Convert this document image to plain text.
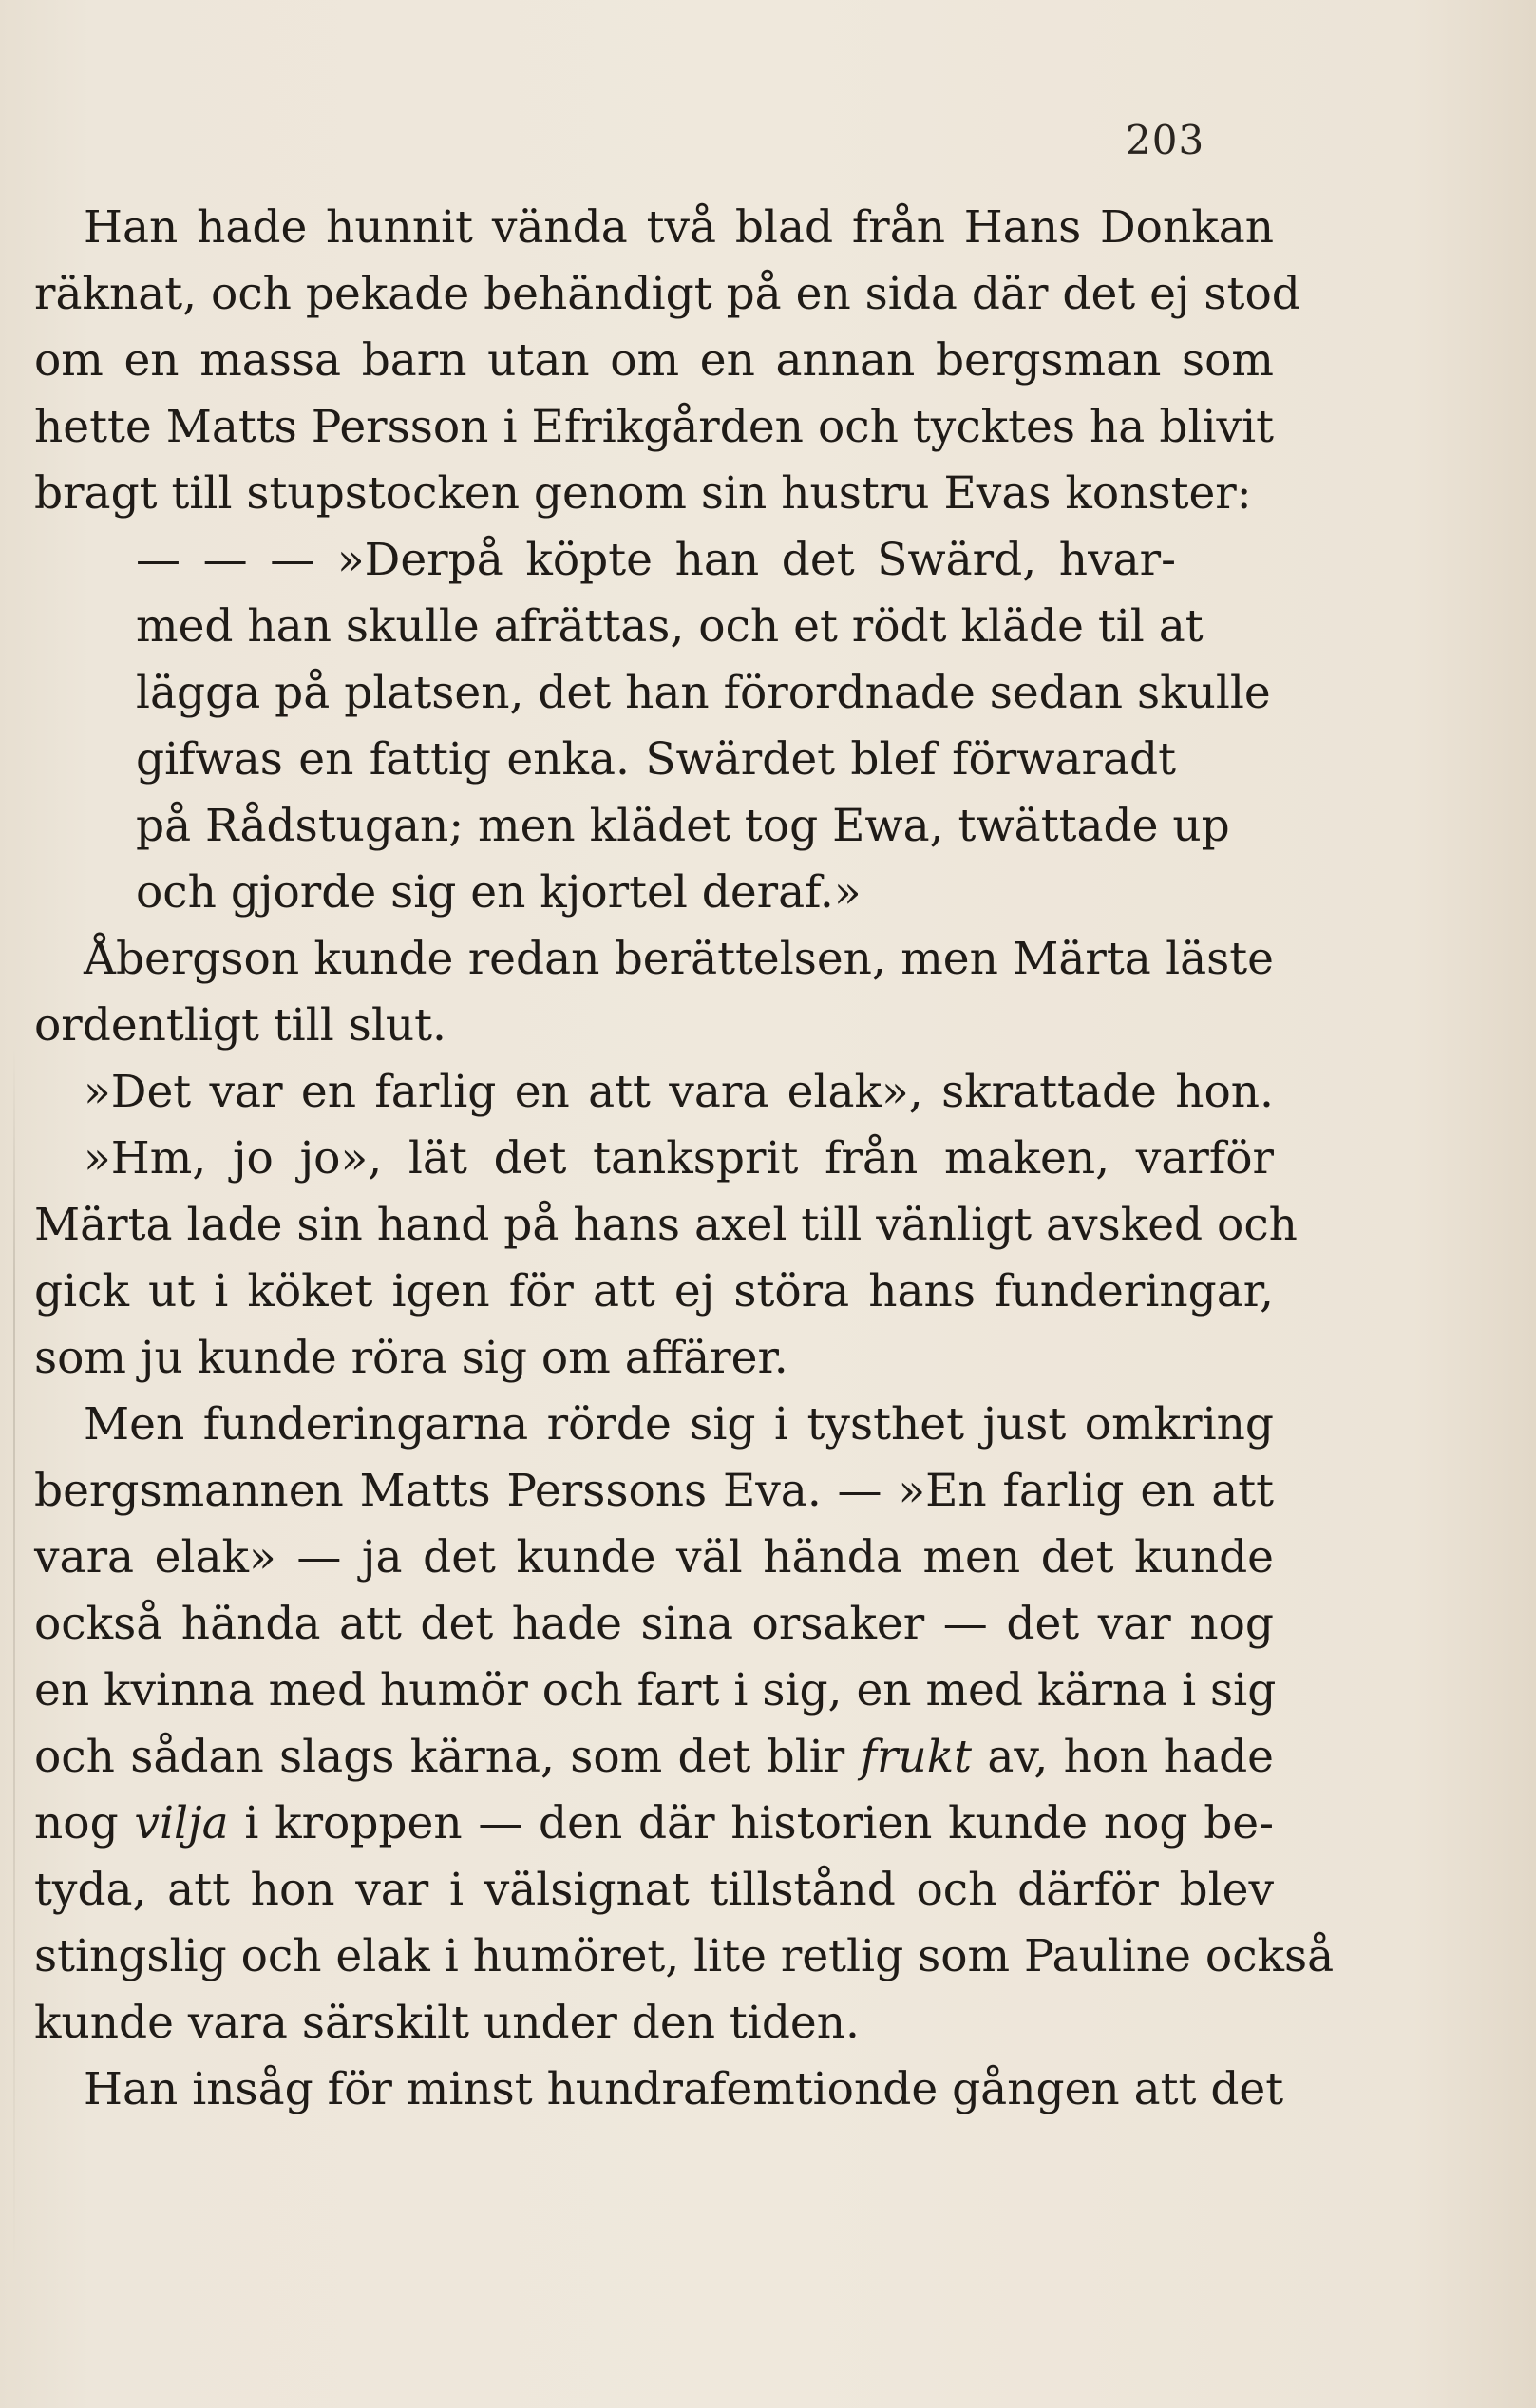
203
Han hade hunnit vända två blad från Hans Donkan
räknat, och pekade behändigt på en sida där det ej stod
om en massa barn utan om en annan bergsman som
hette Matts Persson i Efrikgården och tycktes ha blivit
bragt till stupstocken genom sin hustru Evas konster:
— — — »Derpå köpte han det Swärd, hvar-
med han skulle afrättas, och et rödt kläde til at
lägga på platsen, det han förordnade sedan skulle
gifwas en fattig enka. Swärdet blef förwaradt
på Rådstugan; men klädet tog Ewa, twättade up
och gjorde sig en kjortel deraf.»
Åbergson kunde redan berättelsen, men Märta läste
ordentligt till slut.
»Det var en farlig en att vara elak», skrattade hon.
»Hm, jo jo», lät det tanksprit från maken, varför
Märta lade sin hand på hans axel till vänligt avsked och
gick ut i köket igen för att ej störa hans funderingar,
som ju kunde röra sig om affärer.
Men funderingarna rörde sig i tysthet just omkring
bergsmannen Matts Perssons Eva. — »En farlig en att
vara elak» — ja det kunde väl hända men det kunde
också hända att det hade sina orsaker — det var nog
en kvinna med humör och fart i sig, en med kärna i sig
och sådan slags kärna, som det blir frukt av, hon hade
nog vilja i kroppen — den där historien kunde nog be-
tyda, att hon var i välsignat tillstånd och därför blev
stingslig och elak i humöret, lite retlig som Pauline också
kunde vara särskilt under den tiden.
Han insåg för minst hundrafemtionde gången att det
